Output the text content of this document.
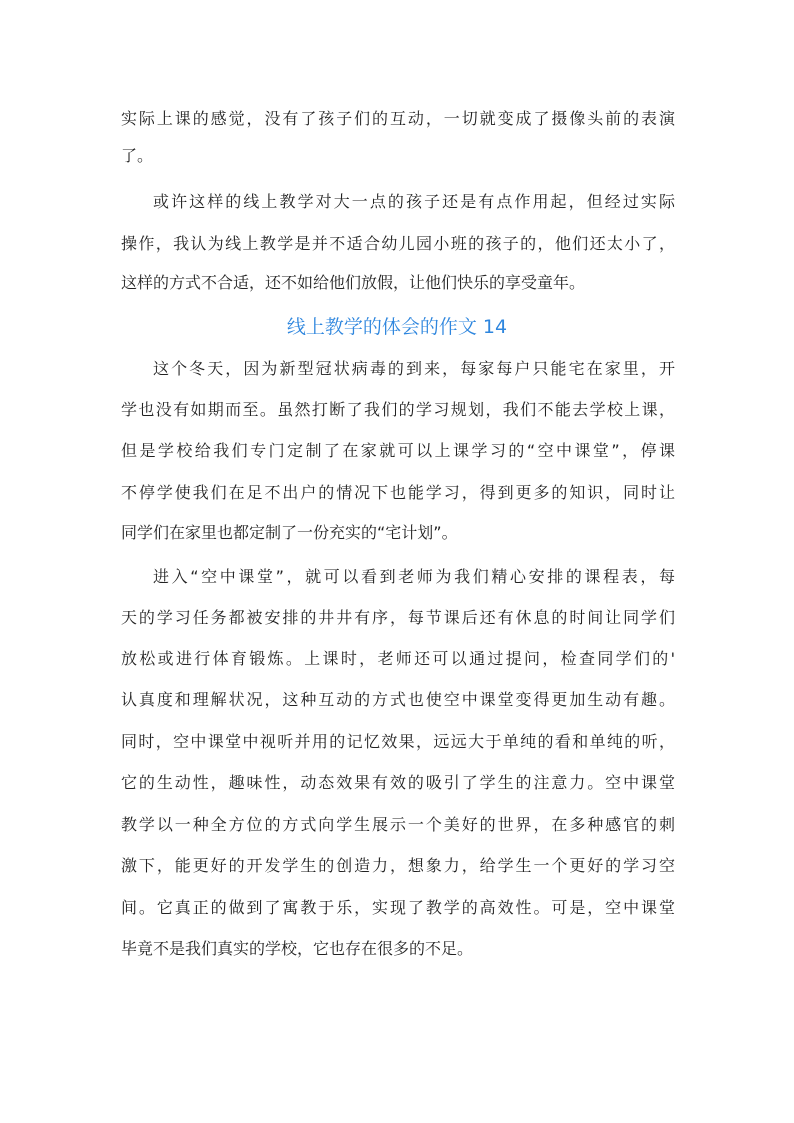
实际上课的感觉，没有了孩子们的互动，一切就变成了摄像头前的表演
了。
或许这样的线上教学对大一点的孩子还是有点作用起，但经过实际
操作，我认为线上教学是并不适合幼儿园小班的孩子的，他们还太小了，
这样的方式不合适，还不如给他们放假，让他们快乐的享受童年。
线上教学的体会的作文 14
这个冬天，因为新型冠状病毒的到来，每家每户只能宅在家里，开
学也没有如期而至。虽然打断了我们的学习规划，我们不能去学校上课，
但是学校给我们专门定制了在家就可以上课学习的“空中课堂”，停课
不停学使我们在足不出户的情况下也能学习，得到更多的知识，同时让
同学们在家里也都定制了一份充实的“宅计划”。
进入“空中课堂”，就可以看到老师为我们精心安排的课程表，每
天的学习任务都被安排的井井有序，每节课后还有休息的时间让同学们
放松或进行体育锻炼。上课时，老师还可以通过提问，检查同学们的'
认真度和理解状况，这种互动的方式也使空中课堂变得更加生动有趣。
同时，空中课堂中视听并用的记忆效果，远远大于单纯的看和单纯的听，
它的生动性，趣味性，动态效果有效的吸引了学生的注意力。空中课堂
教学以一种全方位的方式向学生展示一个美好的世界，在多种感官的刺
激下，能更好的开发学生的创造力，想象力，给学生一个更好的学习空
间。它真正的做到了寓教于乐，实现了教学的高效性。可是，空中课堂
毕竟不是我们真实的学校，它也存在很多的不足。
